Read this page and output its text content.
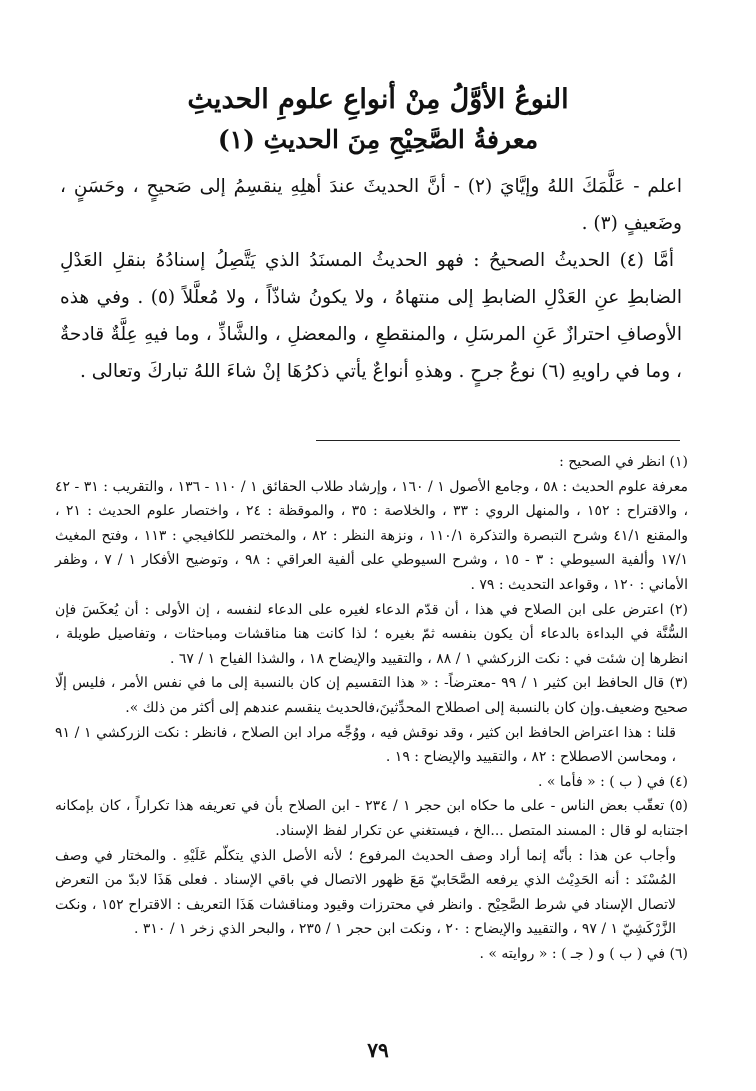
النوعُ الأوَّلُ مِنْ أنواعِ علومِ الحديثِ
معرفةُ الصَّحِيْحِ مِنَ الحديثِ (١)

اعلم - عَلَّمَكَ اللهُ وإيَّايَ (٢) - أنَّ الحديثَ عندَ أهلِهِ ينقسِمُ إلى صَحيحٍ ، وحَسَنٍ ، وضَعيفٍ (٣) .

أمَّا (٤) الحديثُ الصحيحُ : فهو الحديثُ المسنَدُ الذي يَتَّصِلُ إسنادُهُ بنقلِ العَدْلِ الضابطِ عنِ العَدْلِ الضابطِ إلى منتهاهُ ، ولا يكونُ شاذّاً ، ولا مُعلَّلاً (٥) . وفي هذه الأوصافِ احترازٌ عَنِ المرسَلِ ، والمنقطعِ ، والمعضلِ ، والشَّاذِّ ، وما فيهِ عِلَّةٌ قادحةٌ ، وما في راويهِ (٦) نوعُ جرحٍ . وهذهِ أنواعٌ يأتي ذكرُهَا إنْ شاءَ اللهُ تباركَ وتعالى .

(١) انظر في الصحيح :
معرفة علوم الحديث : ٥٨ ، وجامع الأصول ١ / ١٦٠ ، وإرشاد طلاب الحقائق ١ / ١١٠ - ١٣٦ ، والتقريب : ٣١ - ٤٢ ، والاقتراح : ١٥٢ ، والمنهل الروي : ٣٣ ، والخلاصة : ٣٥ ، والموقظة : ٢٤ ، واختصار علوم الحديث : ٢١ ، والمقنع ٤١/١ وشرح التبصرة والتذكرة ١١٠/١ ، ونزهة النظر : ٨٢ ، والمختصر للكافيجي : ١١٣ ، وفتح المغيث ١٧/١ وألفية السيوطي : ٣ - ١٥ ، وشرح السيوطي على ألفية العراقي : ٩٨ ، وتوضيح الأفكار ١ / ٧ ، وظفر الأماني : ١٢٠ ، وقواعد التحديث : ٧٩ .
(٢) اعترض على ابن الصلاح في هذا ، أن قدّم الدعاء لغيره على الدعاء لنفسه ، إن الأولى : أن يُعكَسَ فإن السُّنَّة في البداءة بالدعاء أن يكون بنفسه ثمّ بغيره ؛ لذا كانت هنا مناقشات ومباحثات ، وتفاصيل طويلة ، انظرها إن شئت في : نكت الزركشي ١ / ٨٨ ، والتقييد والإيضاح ١٨ ، والشذا الفياح ١ / ٦٧ .
(٣) قال الحافظ ابن كثير ١ / ٩٩ -معترضاً- : « هذا التقسيم إن كان بالنسبة إلى ما في نفس الأمر ، فليس إلّا صحيح وضعيف.وإن كان بالنسبة إلى اصطلاح المحدِّثينَ،فالحديث ينقسم عندهم إلى أكثر من ذلك ».
قلنا : هذا اعتراض الحافظ ابن كثير ، وقد نوقش فيه ، ووُجِّه مراد ابن الصلاح ، فانظر : نكت الزركشي ١ / ٩١ ، ومحاسن الاصطلاح : ٨٢ ، والتقييد والإيضاح : ١٩ .
(٤) في ( ب ) : « فأما » .
(٥) تعقّب بعض الناس - على ما حكاه ابن حجر ١ / ٢٣٤ - ابن الصلاح بأن في تعريفه هذا تكراراً ، كان بإمكانه اجتنابه لو قال : المسند المتصل ...الخ ، فيستغني عن تكرار لفظ الإسناد.
وأجاب عن هذا : بأنّه إنما أراد وصف الحديث المرفوع ؛ لأنه الأصل الذي يتكلّم عَلَيْهِ . والمختار في وصف المُسْنَد : أنه الحَدِيْث الذي يرفعه الصَّحَابيّ مَعَ ظهور الاتصال في باقي الإسناد . فعلى هَذَا لابدّ من التعرض لاتصال الإسناد في شرط الصَّحِيْح . وانظر في محترزات وقيود ومناقشات هَذَا التعريف : الاقتراح ١٥٢ ، ونكت الزَّرْكَشِيّ ١ / ٩٧ ، والتقييد والإيضاح : ٢٠ ، ونكت ابن حجر ١ / ٢٣٥ ، والبحر الذي زخر ١ / ٣١٠ .
(٦) في ( ب ) و ( جـ ) : « روايته » .
٧٩
